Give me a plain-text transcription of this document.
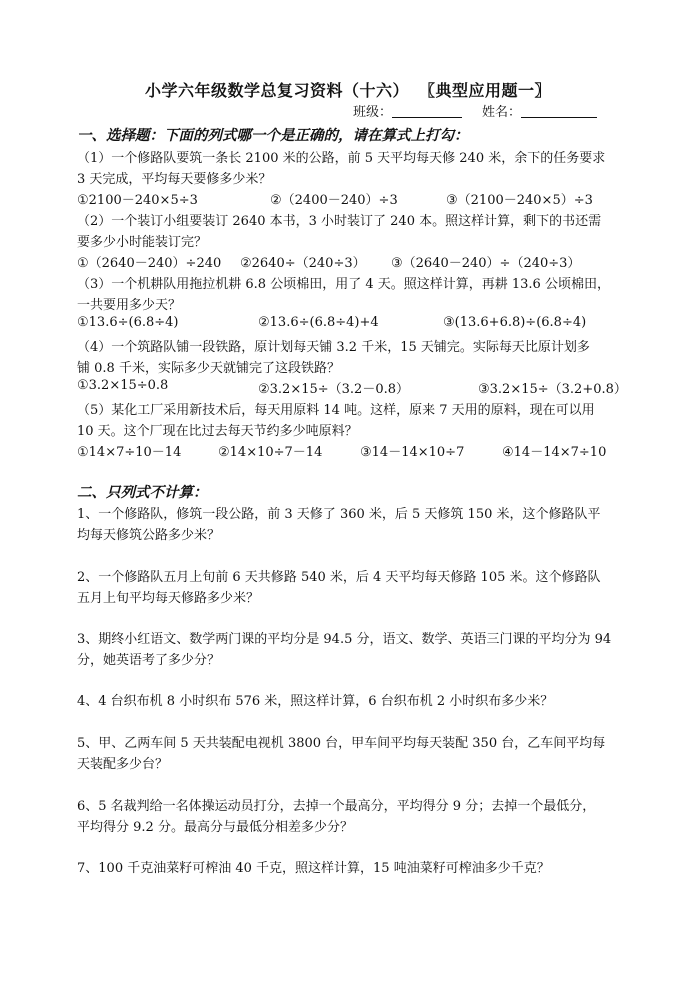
小学六年级数学总复习资料（十六） 〖典型应用题一〗
班级：	姓名：
一、选择题：下面的列式哪一个是正确的，请在算式上打勾：
（1）一个修路队要筑一条长 2100 米的公路，前 5 天平均每天修 240 米，余下的任务要求
3 天完成，平均每天要修多少米？
①2100－240×5÷3	②（2400－240）÷3	③（2100－240×5）÷3
（2）一个装订小组要装订 2640 本书，3 小时装订了 240 本。照这样计算，剩下的书还需
要多少小时能装订完？
①（2640－240）÷240 ②2640÷（240÷3） ③（2640－240）÷（240÷3）
（3）一个机耕队用拖拉机耕 6.8 公顷棉田，用了 4 天。照这样计算，再耕 13.6 公顷棉田，
一共要用多少天？
①13.6÷(6.8÷4)	②13.6÷(6.8÷4)+4	③(13.6+6.8)÷(6.8÷4)
（4）一个筑路队铺一段铁路，原计划每天铺 3.2 千米，15 天铺完。实际每天比原计划多
铺 0.8 千米，实际多少天就铺完了这段铁路？
①3.2×15÷0.8	②3.2×15÷（3.2－0.8）	③3.2×15÷（3.2+0.8）
（5）某化工厂采用新技术后，每天用原料 14 吨。这样，原来 7 天用的原料，现在可以用
10 天。这个厂现在比过去每天节约多少吨原料？
①14×7÷10－14	②14×10÷7－14	③14－14×10÷7	④14－14×7÷10
二、只列式不计算：
1、一个修路队，修筑一段公路，前 3 天修了 360 米，后 5 天修筑 150 米，这个修路队平
均每天修筑公路多少米？
2、一个修路队五月上旬前 6 天共修路 540 米，后 4 天平均每天修路 105 米。这个修路队
五月上旬平均每天修路多少米？
3、期终小红语文、数学两门课的平均分是 94.5 分，语文、数学、英语三门课的平均分为 94
分，她英语考了多少分？
4、4 台织布机 8 小时织布 576 米，照这样计算，6 台织布机 2 小时织布多少米？
5、甲、乙两车间 5 天共装配电视机 3800 台，甲车间平均每天装配 350 台，乙车间平均每
天装配多少台？
6、5 名裁判给一名体操运动员打分，去掉一个最高分，平均得分 9 分；去掉一个最低分，
平均得分 9.2 分。最高分与最低分相差多少分？
7、100 千克油菜籽可榨油 40 千克，照这样计算，15 吨油菜籽可榨油多少千克？
